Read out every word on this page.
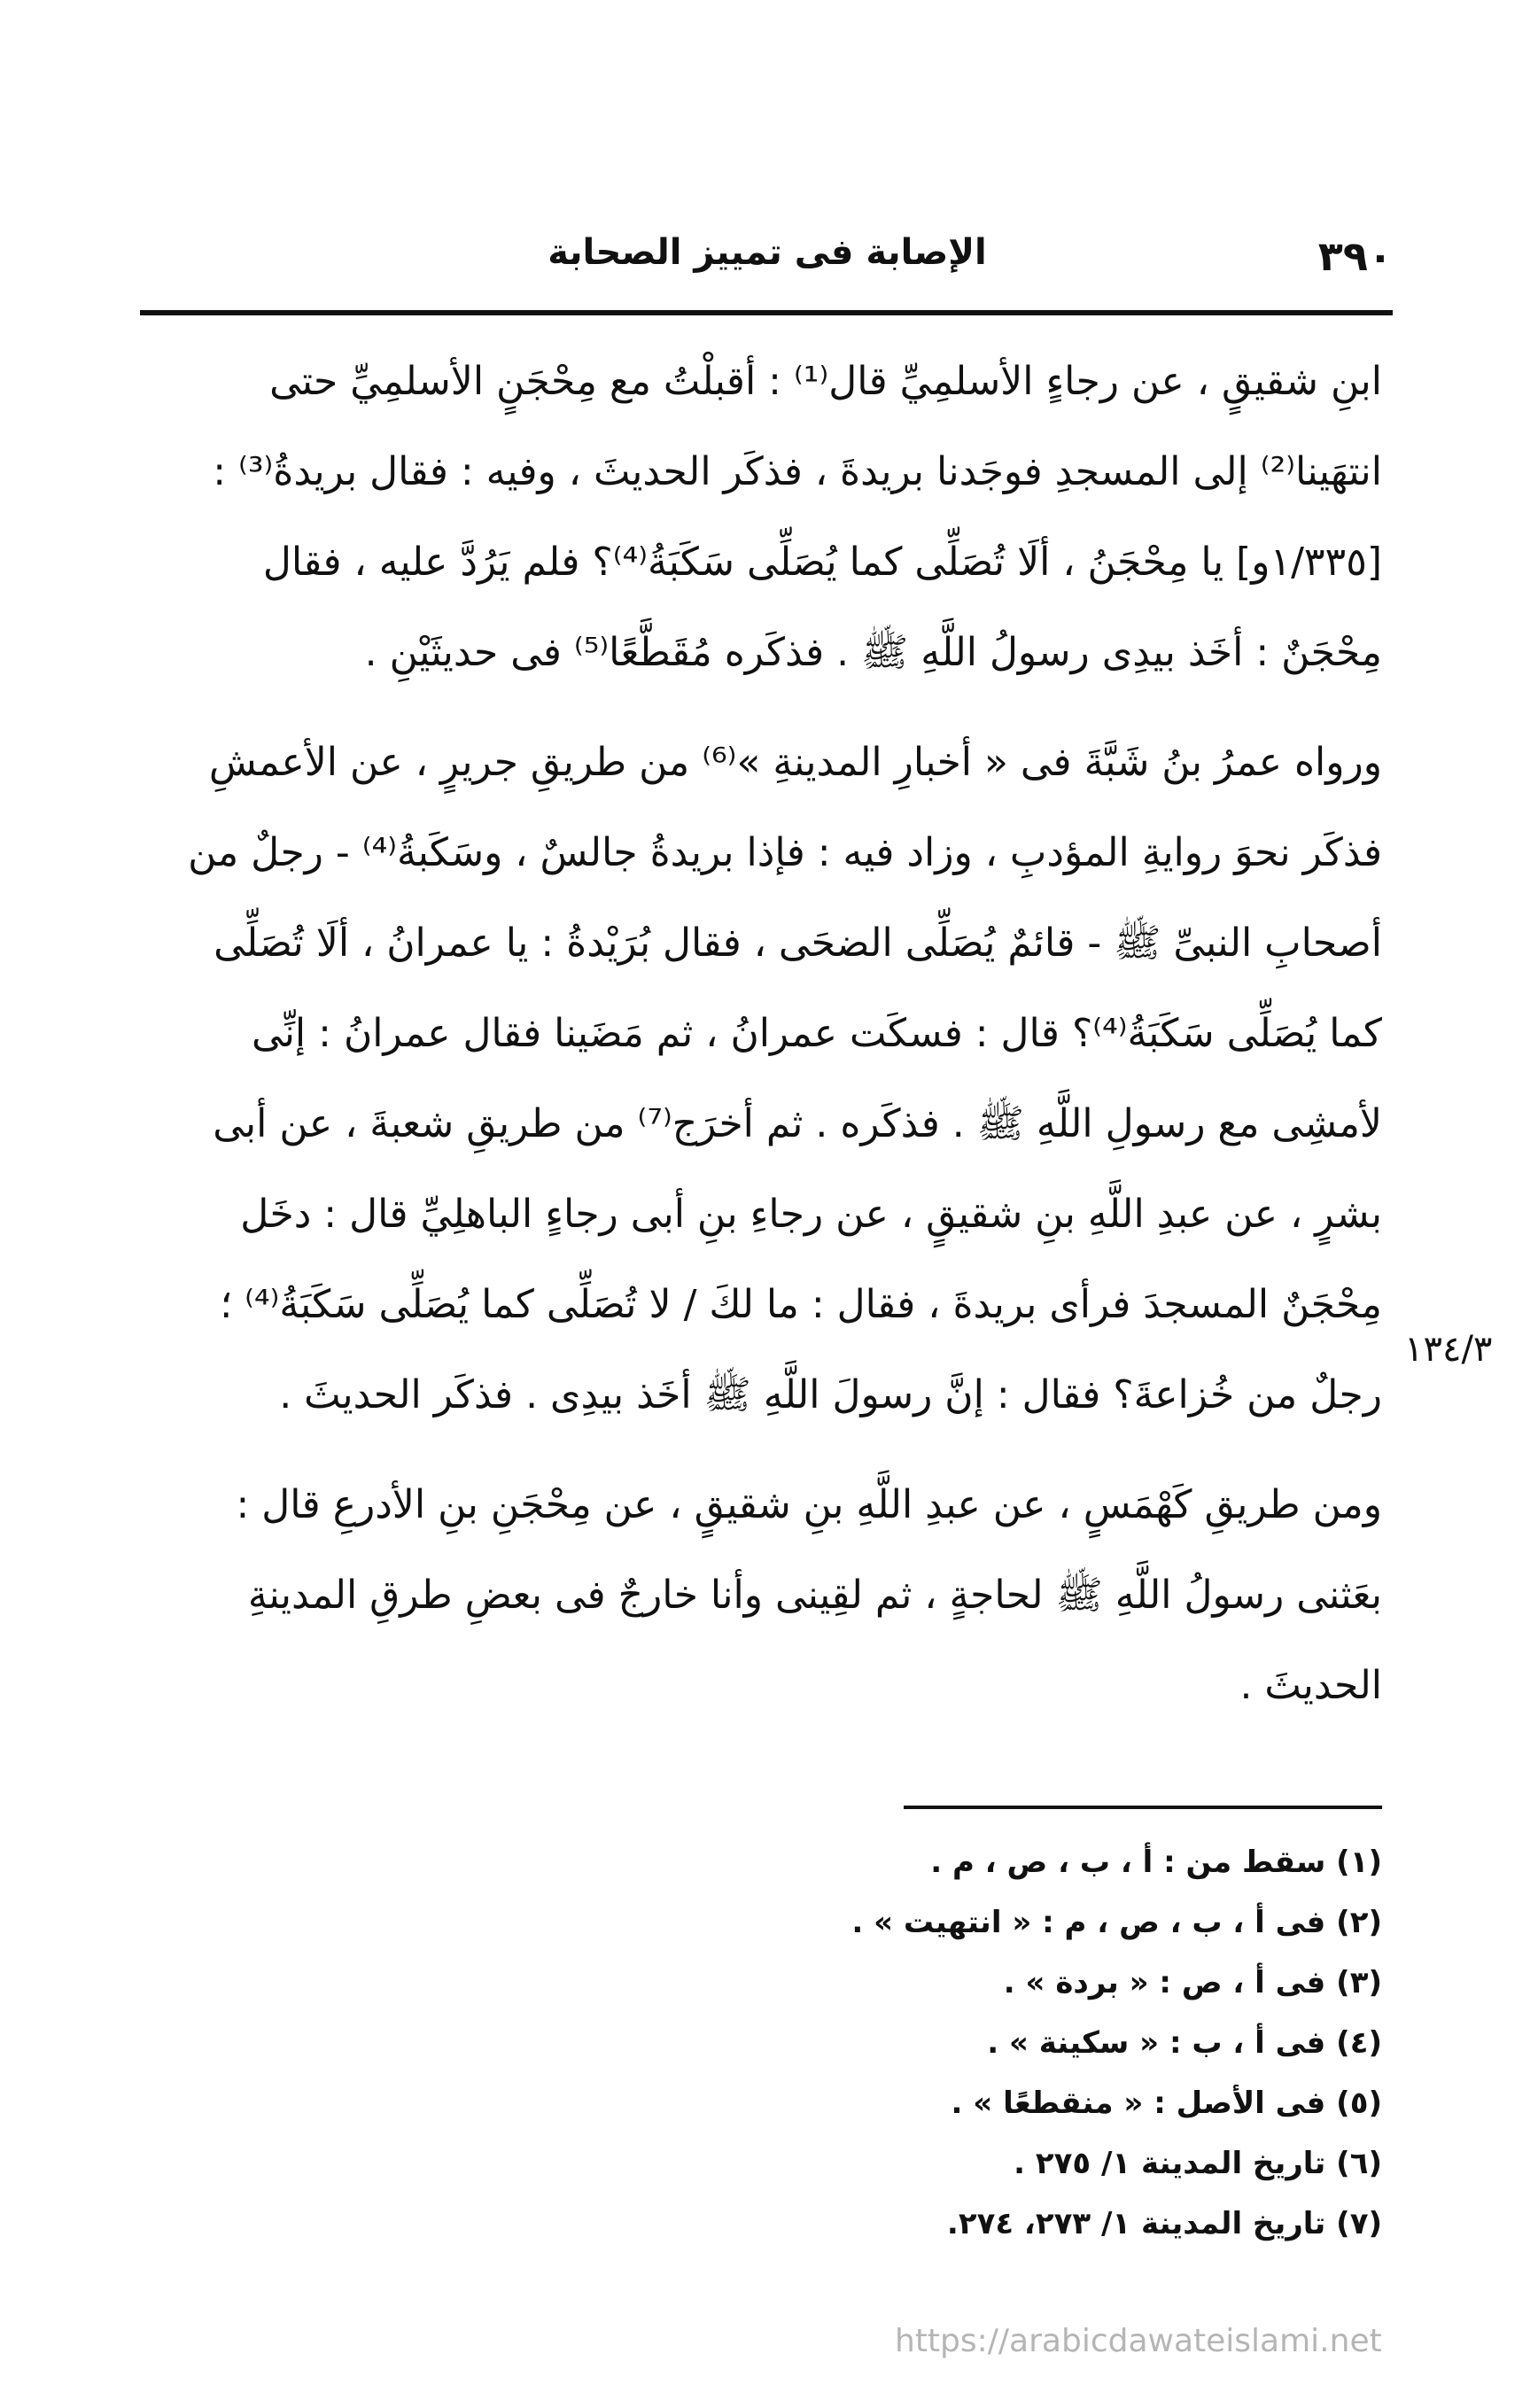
٣٩٠
الإصابة فى تمييز الصحابة

ابنِ شقيقٍ ، عن رجاءٍ الأسلمِيِّ قال⁽¹⁾ : أقبلْتُ مع مِحْجَنٍ الأسلمِيِّ حتى
انتهَينا⁽²⁾ إلى المسجدِ فوجَدنا بريدةَ ، فذكَر الحديثَ ، وفيه : فقال بريدةُ⁽³⁾ :
[١/٣٣٥و] يا مِحْجَنُ ، ألَا تُصَلِّى كما يُصَلِّى سَكَبَةُ⁽⁴⁾؟ فلم يَرُدَّ عليه ، فقال
مِحْجَنٌ : أخَذ بيدِى رسولُ اللَّهِ ﷺ . فذكَره مُقَطَّعًا⁽⁵⁾ فى حديثَيْنِ .

ورواه عمرُ بنُ شَبَّةَ فى « أخبارِ المدينةِ »⁽⁶⁾ من طريقِ جريرٍ ، عن الأعمشِ
فذكَر نحوَ روايةِ المؤدبِ ، وزاد فيه : فإذا بريدةُ جالسٌ ، وسَكَبةُ⁽⁴⁾ - رجلٌ من
أصحابِ النبىِّ ﷺ - قائمٌ يُصَلِّى الضحَى ، فقال بُرَيْدةُ : يا عمرانُ ، ألَا تُصَلِّى
كما يُصَلِّى سَكَبَةُ⁽⁴⁾؟ قال : فسكَت عمرانُ ، ثم مَضَينا فقال عمرانُ : إنِّى
لأمشِى مع رسولِ اللَّهِ ﷺ . فذكَره . ثم أخرَج⁽⁷⁾ من طريقِ شعبةَ ، عن أبى
بشرٍ ، عن عبدِ اللَّهِ بنِ شقيقٍ ، عن رجاءِ بنِ أبى رجاءٍ الباهلِيِّ قال : دخَل
مِحْجَنٌ المسجدَ فرأى بريدةَ ، فقال : ما لكَ / لا تُصَلِّى كما يُصَلِّى سَكَبَةُ⁽⁴⁾ ؛
رجلٌ من خُزاعةَ؟ فقال : إنَّ رسولَ اللَّهِ ﷺ أخَذ بيدِى . فذكَر الحديثَ .

ومن طريقِ كَهْمَسٍ ، عن عبدِ اللَّهِ بنِ شقيقٍ ، عن مِحْجَنِ بنِ الأدرعِ قال :
بعَثنى رسولُ اللَّهِ ﷺ لحاجةٍ ، ثم لقِينى وأنا خارجٌ فى بعضِ طرقِ المدينةِ
الحديثَ .

١٣٤/٣
(١) سقط من : أ ، ب ، ص ، م .
(٢) فى أ ، ب ، ص ، م : « انتهيت » .
(٣) فى أ ، ص : « بردة » .
(٤) فى أ ، ب : « سكينة » .
(٥) فى الأصل : « منقطعًا » .
(٦) تاريخ المدينة ١/ ٢٧٥ .
(٧) تاريخ المدينة ١/ ٢٧٣، ٢٧٤.
https://arabicdawateislami.net
